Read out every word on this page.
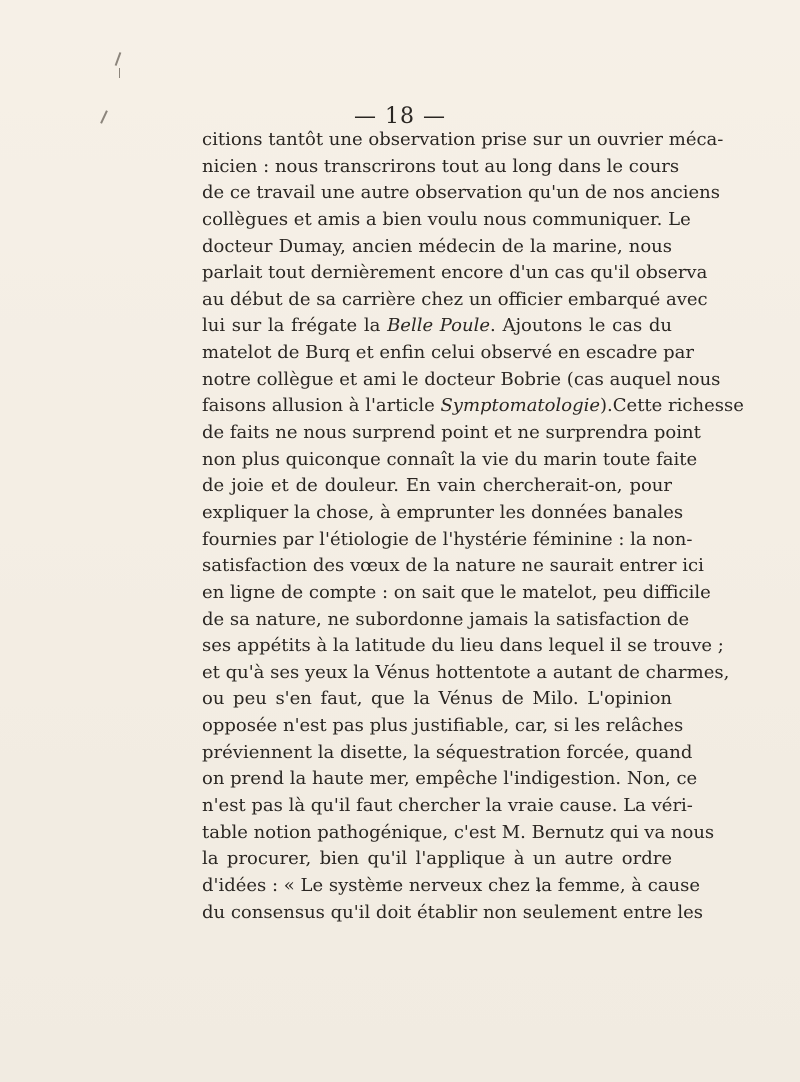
— 18 —
citions tantôt une observation prise sur un ouvrier méca-
nicien : nous transcrirons tout au long dans le cours
de ce travail une autre observation qu'un de nos anciens
collègues et amis a bien voulu nous communiquer. Le
docteur Dumay, ancien médecin de la marine, nous
parlait tout dernièrement encore d'un cas qu'il observa
au début de sa carrière chez un officier embarqué avec
lui sur la frégate la Belle Poule. Ajoutons le cas du
matelot de Burq et enfin celui observé en escadre par
notre collègue et ami le docteur Bobrie (cas auquel nous
faisons allusion à l'article Symptomatologie).Cette richesse
de faits ne nous surprend point et ne surprendra point
non plus quiconque connaît la vie du marin toute faite
de joie et de douleur. En vain chercherait-on, pour
expliquer la chose, à emprunter les données banales
fournies par l'étiologie de l'hystérie féminine : la non-
satisfaction des vœux de la nature ne saurait entrer ici
en ligne de compte : on sait que le matelot, peu difficile
de sa nature, ne subordonne jamais la satisfaction de
ses appétits à la latitude du lieu dans lequel il se trouve ;
et qu'à ses yeux la Vénus hottentote a autant de charmes,
ou peu s'en faut, que la Vénus de Milo. L'opinion
opposée n'est pas plus justifiable, car, si les relâches
préviennent la disette, la séquestration forcée, quand
on prend la haute mer, empêche l'indigestion. Non, ce
n'est pas là qu'il faut chercher la vraie cause. La véri-
table notion pathogénique, c'est M. Bernutz qui va nous
la procurer, bien qu'il l'applique à un autre ordre
d'idées : « Le système nerveux chez la femme, à cause
du consensus qu'il doit établir non seulement entre les
